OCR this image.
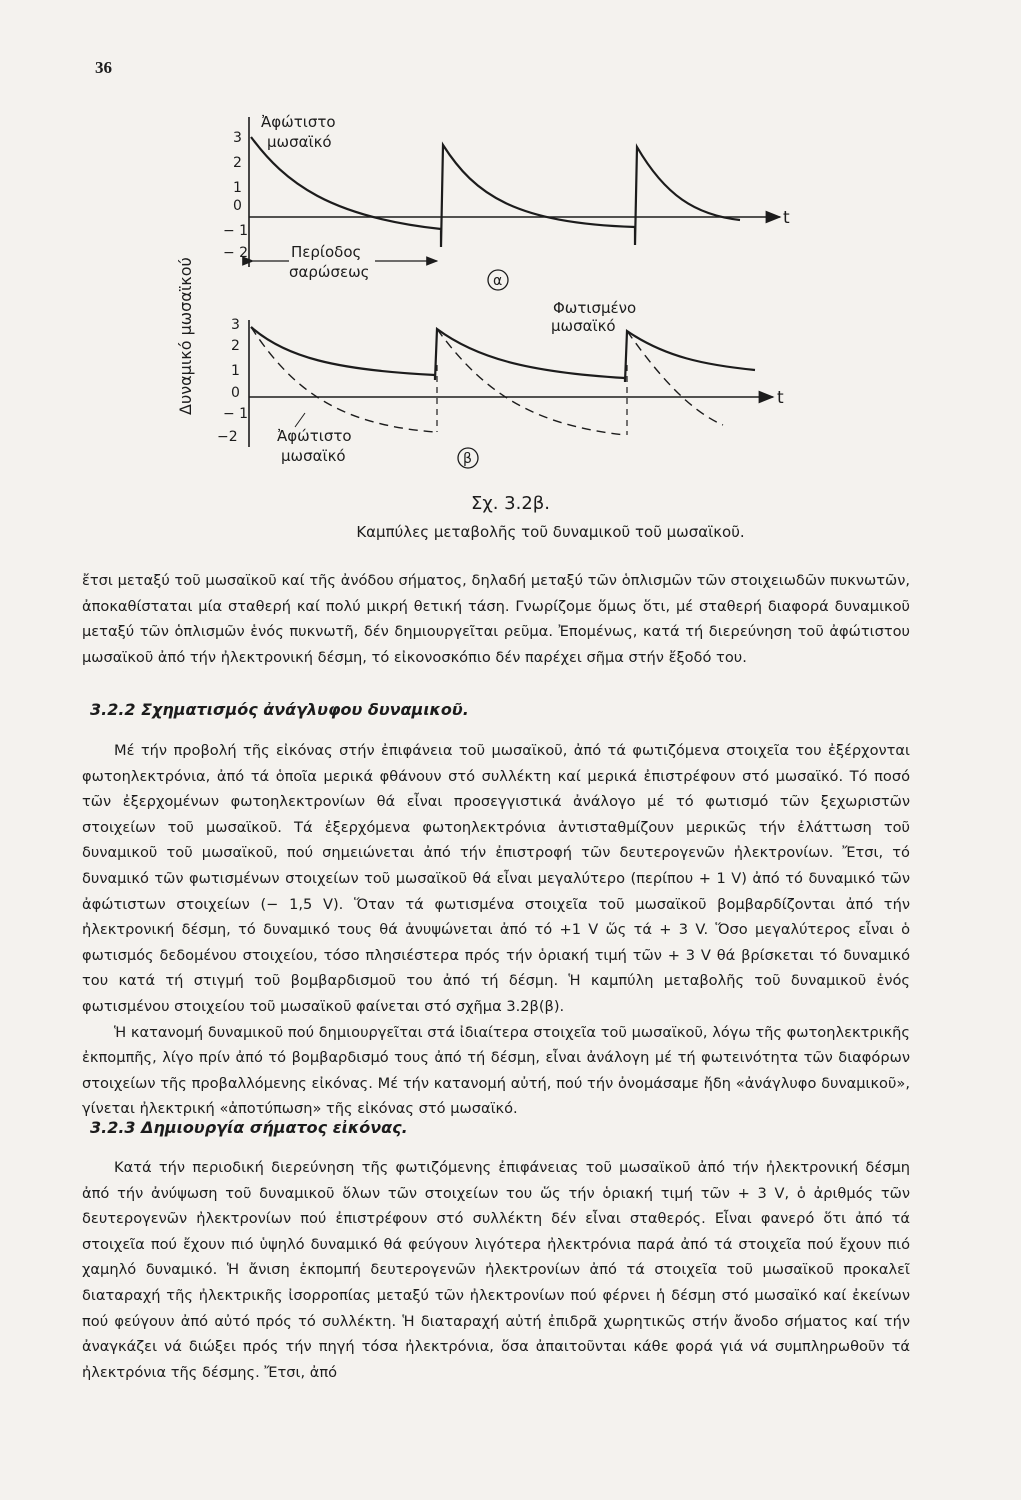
36
Δυναμικό μωσαϊκού
3
2
1
0
− 1
− 2
Ἀφώτιστο
μωσαϊκό
Περίοδος
σαρώσεως
t
α
3
2
1
0
− 1
−2
Φωτισμένο
μωσαϊκό
Ἀφώτιστο
μωσαϊκό
t
β
Σχ. 3.2β.
Καμπύλες μεταβολῆς τοῦ δυναμικοῦ τοῦ μωσαϊκοῦ.

ἔτσι μεταξύ τοῦ μωσαϊκοῦ καί τῆς ἀνόδου σήματος, δηλαδή μεταξύ τῶν ὁπλισμῶν τῶν στοιχειωδῶν πυκνωτῶν, ἀποκαθίσταται μία σταθερή καί πολύ μικρή θετική τάση. Γνωρίζομε ὅμως ὅτι, μέ σταθερή διαφορά δυναμικοῦ μεταξύ τῶν ὁπλισμῶν ἑνός πυκνωτῆ, δέν δημιουργεῖται ρεῦμα. Ἐπομένως, κατά τή διερεύνηση τοῦ ἀφώτιστου μωσαϊκοῦ ἀπό τήν ἠλεκτρονική δέσμη, τό εἰκονοσκόπιο δέν παρέχει σῆμα στήν ἔξοδό του.

3.2.2 Σχηματισμός ἀνάγλυφου δυναμικοῦ.

Μέ τήν προβολή τῆς εἰκόνας στήν ἐπιφάνεια τοῦ μωσαϊκοῦ, ἀπό τά φωτιζόμενα στοιχεῖα του ἐξέρχονται φωτοηλεκτρόνια, ἀπό τά ὁποῖα μερικά φθάνουν στό συλλέκτη καί μερικά ἐπιστρέφουν στό μωσαϊκό. Τό ποσό τῶν ἐξερχομένων φωτοηλεκτρονίων θά εἶναι προσεγγιστικά ἀνάλογο μέ τό φωτισμό τῶν ξεχωριστῶν στοιχείων τοῦ μωσαϊκοῦ. Τά ἐξερχόμενα φωτοηλεκτρόνια ἀντισταθμίζουν μερικῶς τήν ἐλάττωση τοῦ δυναμικοῦ τοῦ μωσαϊκοῦ, πού σημειώνεται ἀπό τήν ἐπιστροφή τῶν δευτερογενῶν ἠλεκτρονίων. Ἔτσι, τό δυναμικό τῶν φωτισμένων στοιχείων τοῦ μωσαϊκοῦ θά εἶναι μεγαλύτερο (περίπου + 1 V) ἀπό τό δυναμικό τῶν ἀφώτιστων στοιχείων (− 1,5 V). Ὅταν τά φωτισμένα στοιχεῖα τοῦ μωσαϊκοῦ βομβαρδίζονται ἀπό τήν ἠλεκτρονική δέσμη, τό δυναμικό τους θά ἀνυψώνεται ἀπό τό +1 V ὥς τά + 3 V. Ὅσο μεγαλύτερος εἶναι ὁ φωτισμός δεδομένου στοιχείου, τόσο πλησιέστερα πρός τήν ὁριακή τιμή τῶν + 3 V θά βρίσκεται τό δυναμικό του κατά τή στιγμή τοῦ βομβαρδισμοῦ του ἀπό τή δέσμη. Ἡ καμπύλη μεταβολῆς τοῦ δυναμικοῦ ἑνός φωτισμένου στοιχείου τοῦ μωσαϊκοῦ φαίνεται στό σχῆμα 3.2β(β).

Ἡ κατανομή δυναμικοῦ πού δημιουργεῖται στά ἰδιαίτερα στοιχεῖα τοῦ μωσαϊκοῦ, λόγω τῆς φωτοηλεκτρικῆς ἐκπομπῆς, λίγο πρίν ἀπό τό βομβαρδισμό τους ἀπό τή δέσμη, εἶναι ἀνάλογη μέ τή φωτεινότητα τῶν διαφόρων στοιχείων τῆς προβαλλόμενης εἰκόνας. Μέ τήν κατανομή αὐτή, πού τήν ὀνομάσαμε ἤδη «ἀνάγλυφο δυναμικοῦ», γίνεται ἠλεκτρική «ἀποτύπωση» τῆς εἰκόνας στό μωσαϊκό.

3.2.3 Δημιουργία σήματος εἰκόνας.

Κατά τήν περιοδική διερεύνηση τῆς φωτιζόμενης ἐπιφάνειας τοῦ μωσαϊκοῦ ἀπό τήν ἠλεκτρονική δέσμη ἀπό τήν ἀνύψωση τοῦ δυναμικοῦ ὅλων τῶν στοιχείων του ὥς τήν ὁριακή τιμή τῶν + 3 V, ὁ ἀριθμός τῶν δευτερογενῶν ἠλεκτρονίων πού ἐπιστρέφουν στό συλλέκτη δέν εἶναι σταθερός. Εἶναι φανερό ὅτι ἀπό τά στοιχεῖα πού ἔχουν πιό ὑψηλό δυναμικό θά φεύγουν λιγότερα ἠλεκτρόνια παρά ἀπό τά στοιχεῖα πού ἔχουν πιό χαμηλό δυναμικό. Ἡ ἄνιση ἐκπομπή δευτερογενῶν ἠλεκτρονίων ἀπό τά στοιχεῖα τοῦ μωσαϊκοῦ προκαλεῖ διαταραχή τῆς ἠλεκτρικῆς ἰσορροπίας μεταξύ τῶν ἠλεκτρονίων πού φέρνει ἡ δέσμη στό μωσαϊκό καί ἐκείνων πού φεύγουν ἀπό αὐτό πρός τό συλλέκτη. Ἡ διαταραχή αὐτή ἐπιδρᾶ χωρητικῶς στήν ἄνοδο σήματος καί τήν ἀναγκάζει νά διώξει πρός τήν πηγή τόσα ἠλεκτρόνια, ὅσα ἀπαιτοῦνται κάθε φορά γιά νά συμπληρωθοῦν τά ἠλεκτρόνια τῆς δέσμης. Ἔτσι, ἀπό
